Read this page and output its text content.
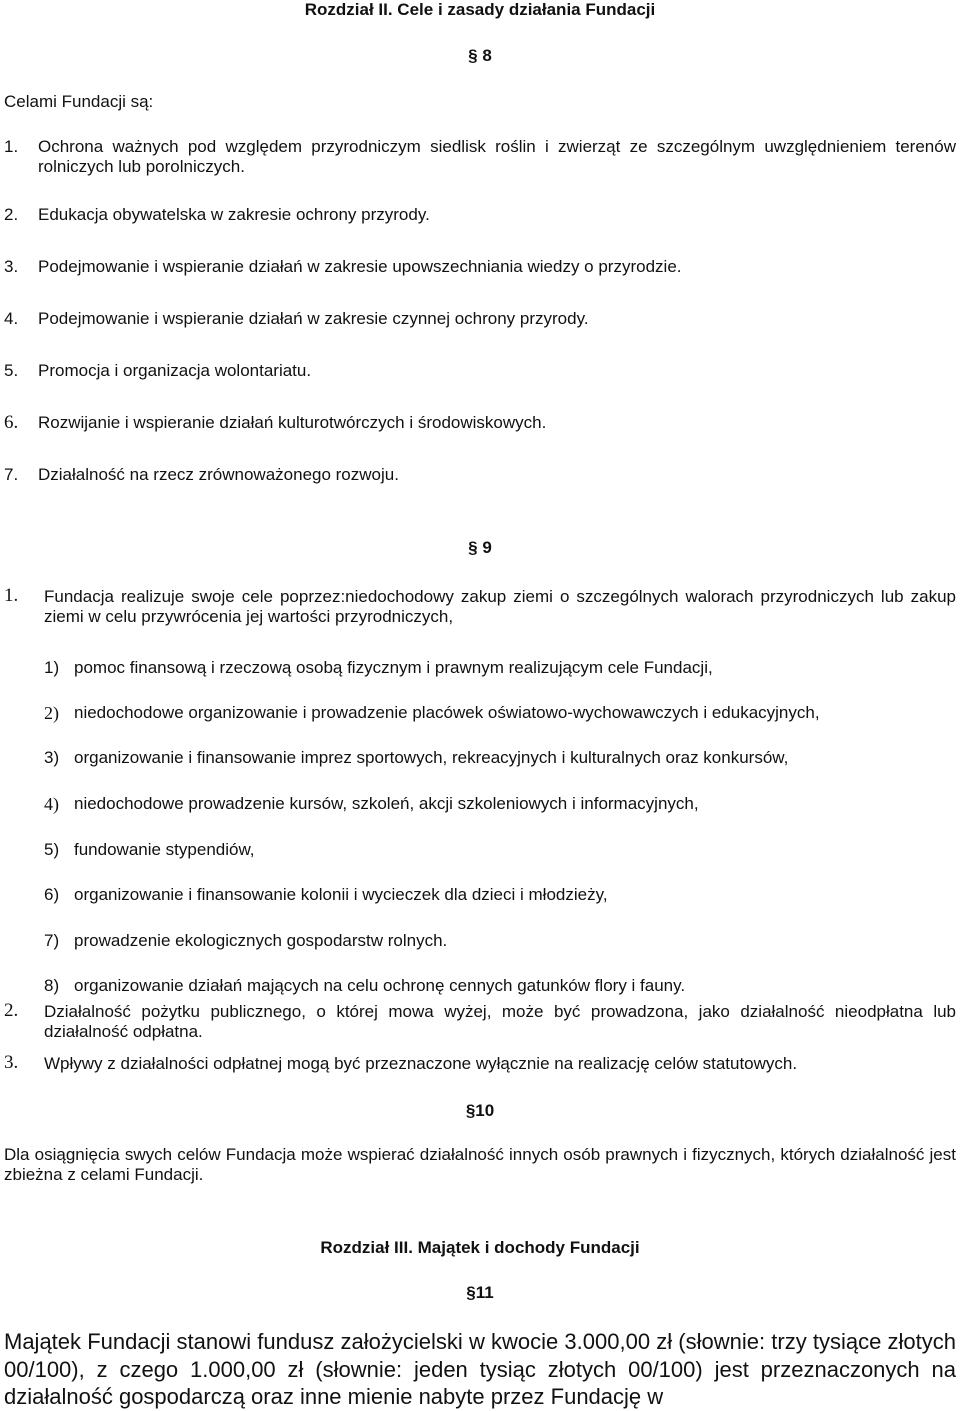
Rozdział II. Cele i zasady działania Fundacji
§ 8
Celami Fundacji są:
1. Ochrona ważnych pod względem przyrodniczym siedlisk roślin i zwierząt ze szczególnym uwzględnieniem terenów rolniczych lub porolniczych.
2. Edukacja obywatelska w zakresie ochrony przyrody.
3. Podejmowanie i wspieranie działań w zakresie upowszechniania wiedzy o przyrodzie.
4. Podejmowanie i wspieranie działań w zakresie czynnej ochrony przyrody.
5. Promocja i organizacja wolontariatu.
6. Rozwijanie i wspieranie działań kulturotwórczych i środowiskowych.
7. Działalność na rzecz zrównoważonego rozwoju.
§ 9
1. Fundacja realizuje swoje cele poprzez:niedochodowy zakup ziemi o szczególnych walorach przyrodniczych lub zakup ziemi w celu przywrócenia jej wartości przyrodniczych,
1) pomoc finansową i rzeczową osobą fizycznym i prawnym realizującym cele Fundacji,
2) niedochodowe organizowanie i prowadzenie placówek oświatowo-wychowawczych i edukacyjnych,
3) organizowanie i finansowanie imprez sportowych, rekreacyjnych i kulturalnych oraz konkursów,
4) niedochodowe prowadzenie kursów, szkoleń, akcji szkoleniowych i informacyjnych,
5) fundowanie stypendiów,
6) organizowanie i finansowanie kolonii i wycieczek dla dzieci i młodzieży,
7) prowadzenie ekologicznych gospodarstw rolnych.
8) organizowanie działań mających na celu ochronę cennych gatunków flory i fauny.
2. Działalność pożytku publicznego, o której mowa wyżej, może być prowadzona, jako działalność nieodpłatna lub działalność odpłatna.
3. Wpływy z działalności odpłatnej mogą być przeznaczone wyłącznie na realizację celów statutowych.
§10
Dla osiągnięcia swych celów Fundacja może wspierać działalność innych osób prawnych i fizycznych, których działalność jest zbieżna z celami Fundacji.
Rozdział III. Majątek i dochody Fundacji
§11
Majątek Fundacji stanowi fundusz założycielski w kwocie 3.000,00 zł (słownie: trzy tysiące złotych 00/100), z czego 1.000,00 zł (słownie: jeden tysiąc złotych 00/100) jest przeznaczonych na działalność gospodarczą oraz inne mienie nabyte przez Fundację w
